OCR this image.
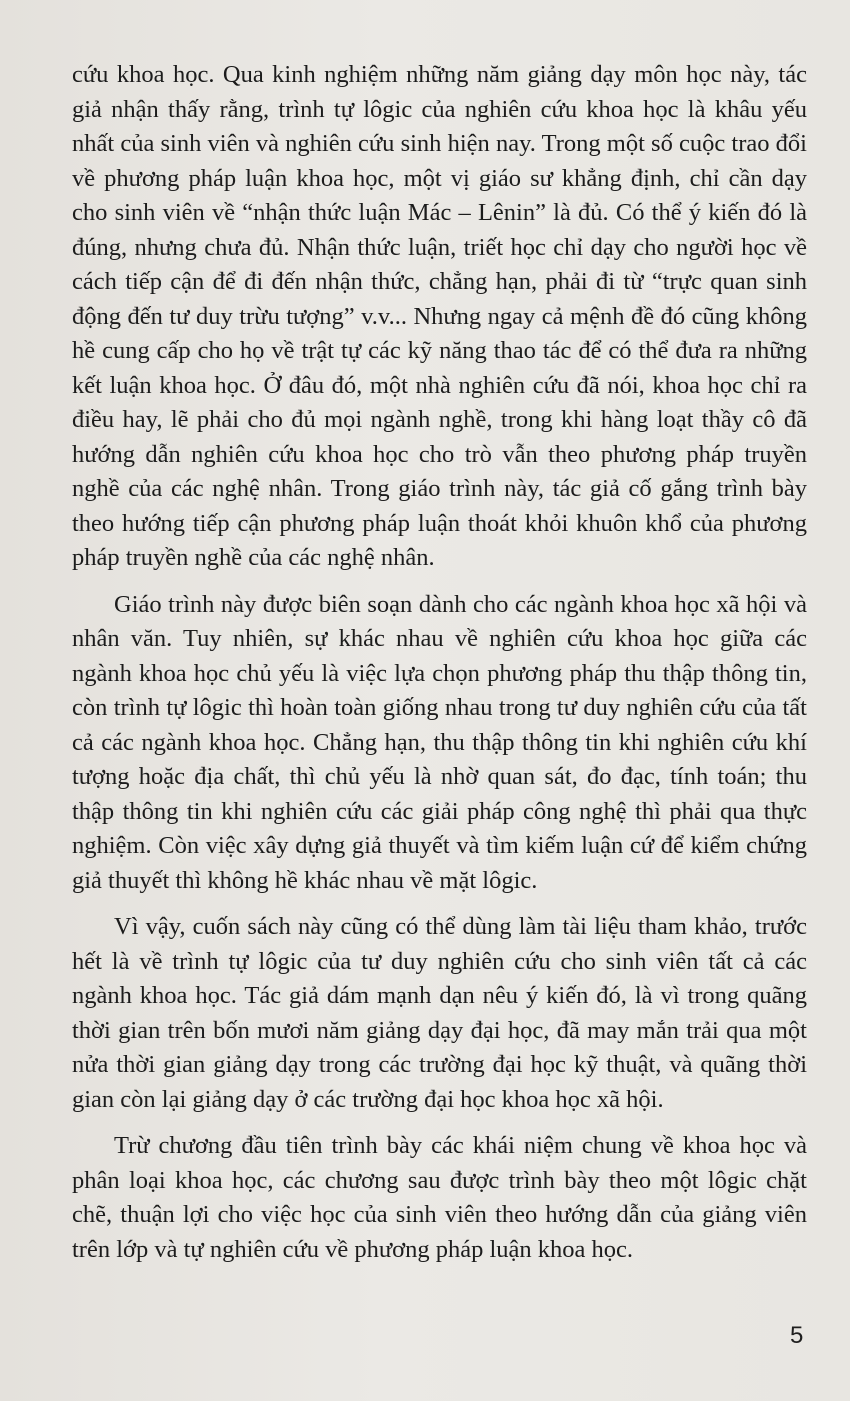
cứu khoa học. Qua kinh nghiệm những năm giảng dạy môn học này, tác giả nhận thấy rằng, trình tự lôgic của nghiên cứu khoa học là khâu yếu nhất của sinh viên và nghiên cứu sinh hiện nay. Trong một số cuộc trao đổi về phương pháp luận khoa học, một vị giáo sư khẳng định, chỉ cần dạy cho sinh viên về “nhận thức luận Mác – Lênin” là đủ. Có thể ý kiến đó là đúng, nhưng chưa đủ. Nhận thức luận, triết học chỉ dạy cho người học về cách tiếp cận để đi đến nhận thức, chẳng hạn, phải đi từ “trực quan sinh động đến tư duy trừu tượng” v.v... Nhưng ngay cả mệnh đề đó cũng không hề cung cấp cho họ về trật tự các kỹ năng thao tác để có thể đưa ra những kết luận khoa học. Ở đâu đó, một nhà nghiên cứu đã nói, khoa học chỉ ra điều hay, lẽ phải cho đủ mọi ngành nghề, trong khi hàng loạt thầy cô đã hướng dẫn nghiên cứu khoa học cho trò vẫn theo phương pháp truyền nghề của các nghệ nhân. Trong giáo trình này, tác giả cố gắng trình bày theo hướng tiếp cận phương pháp luận thoát khỏi khuôn khổ của phương pháp truyền nghề của các nghệ nhân.

Giáo trình này được biên soạn dành cho các ngành khoa học xã hội và nhân văn. Tuy nhiên, sự khác nhau về nghiên cứu khoa học giữa các ngành khoa học chủ yếu là việc lựa chọn phương pháp thu thập thông tin, còn trình tự lôgic thì hoàn toàn giống nhau trong tư duy nghiên cứu của tất cả các ngành khoa học. Chẳng hạn, thu thập thông tin khi nghiên cứu khí tượng hoặc địa chất, thì chủ yếu là nhờ quan sát, đo đạc, tính toán; thu thập thông tin khi nghiên cứu các giải pháp công nghệ thì phải qua thực nghiệm. Còn việc xây dựng giả thuyết và tìm kiếm luận cứ để kiểm chứng giả thuyết thì không hề khác nhau về mặt lôgic.

Vì vậy, cuốn sách này cũng có thể dùng làm tài liệu tham khảo, trước hết là về trình tự lôgic của tư duy nghiên cứu cho sinh viên tất cả các ngành khoa học. Tác giả dám mạnh dạn nêu ý kiến đó, là vì trong quãng thời gian trên bốn mươi năm giảng dạy đại học, đã may mắn trải qua một nửa thời gian giảng dạy trong các trường đại học kỹ thuật, và quãng thời gian còn lại giảng dạy ở các trường đại học khoa học xã hội.

Trừ chương đầu tiên trình bày các khái niệm chung về khoa học và phân loại khoa học, các chương sau được trình bày theo một lôgic chặt chẽ, thuận lợi cho việc học của sinh viên theo hướng dẫn của giảng viên trên lớp và tự nghiên cứu về phương pháp luận khoa học.

5
